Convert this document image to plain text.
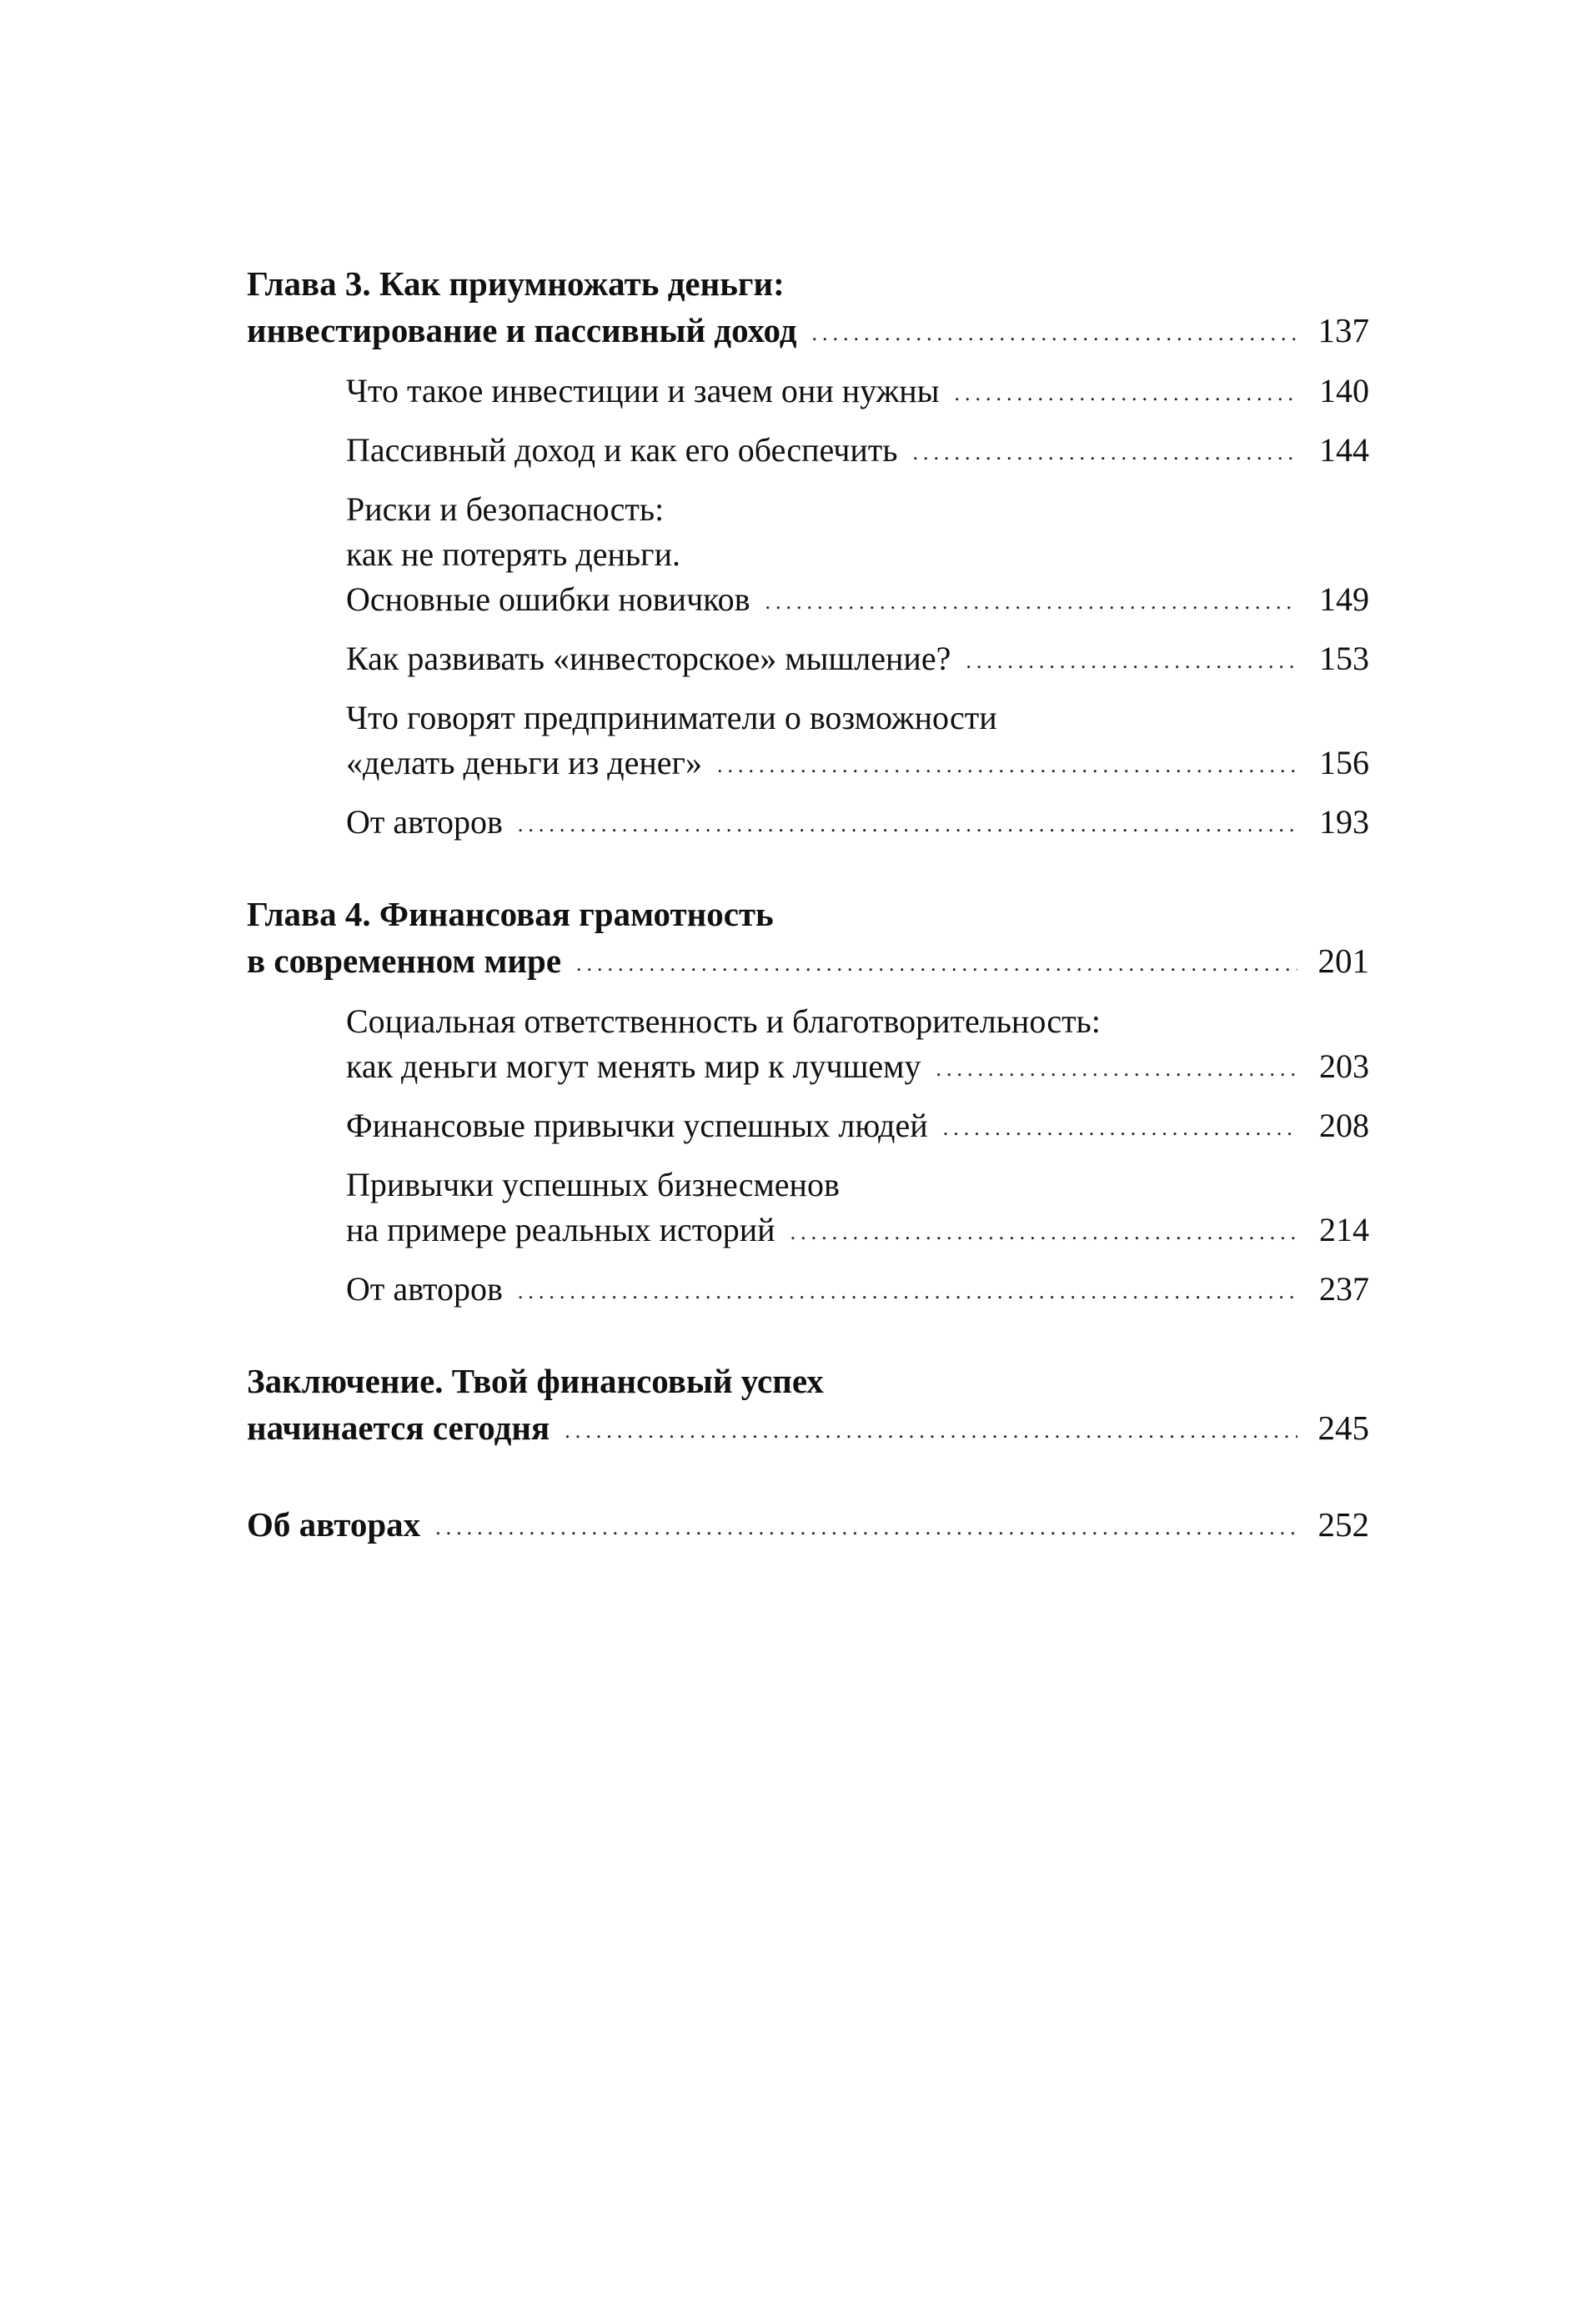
Глава 3. Как приумножать деньги:
инвестирование и пассивный доход .....	137
Что такое инвестиции и зачем они нужны .....	140
Пассивный доход и как его обеспечить .....	144
Риски и безопасность:
как не потерять деньги.
Основные ошибки новичков .....	149
Как развивать «инвесторское» мышление? .....	153
Что говорят предприниматели о возможности
«делать деньги из денег» .....	156
От авторов .....	193
Глава 4. Финансовая грамотность
в современном мире .....	201
Социальная ответственность и благотворительность:
как деньги могут менять мир к лучшему .....	203
Финансовые привычки успешных людей .....	208
Привычки успешных бизнесменов
на примере реальных историй .....	214
От авторов .....	237
Заключение. Твой финансовый успех
начинается сегодня .....	245
Об авторах .....	252
